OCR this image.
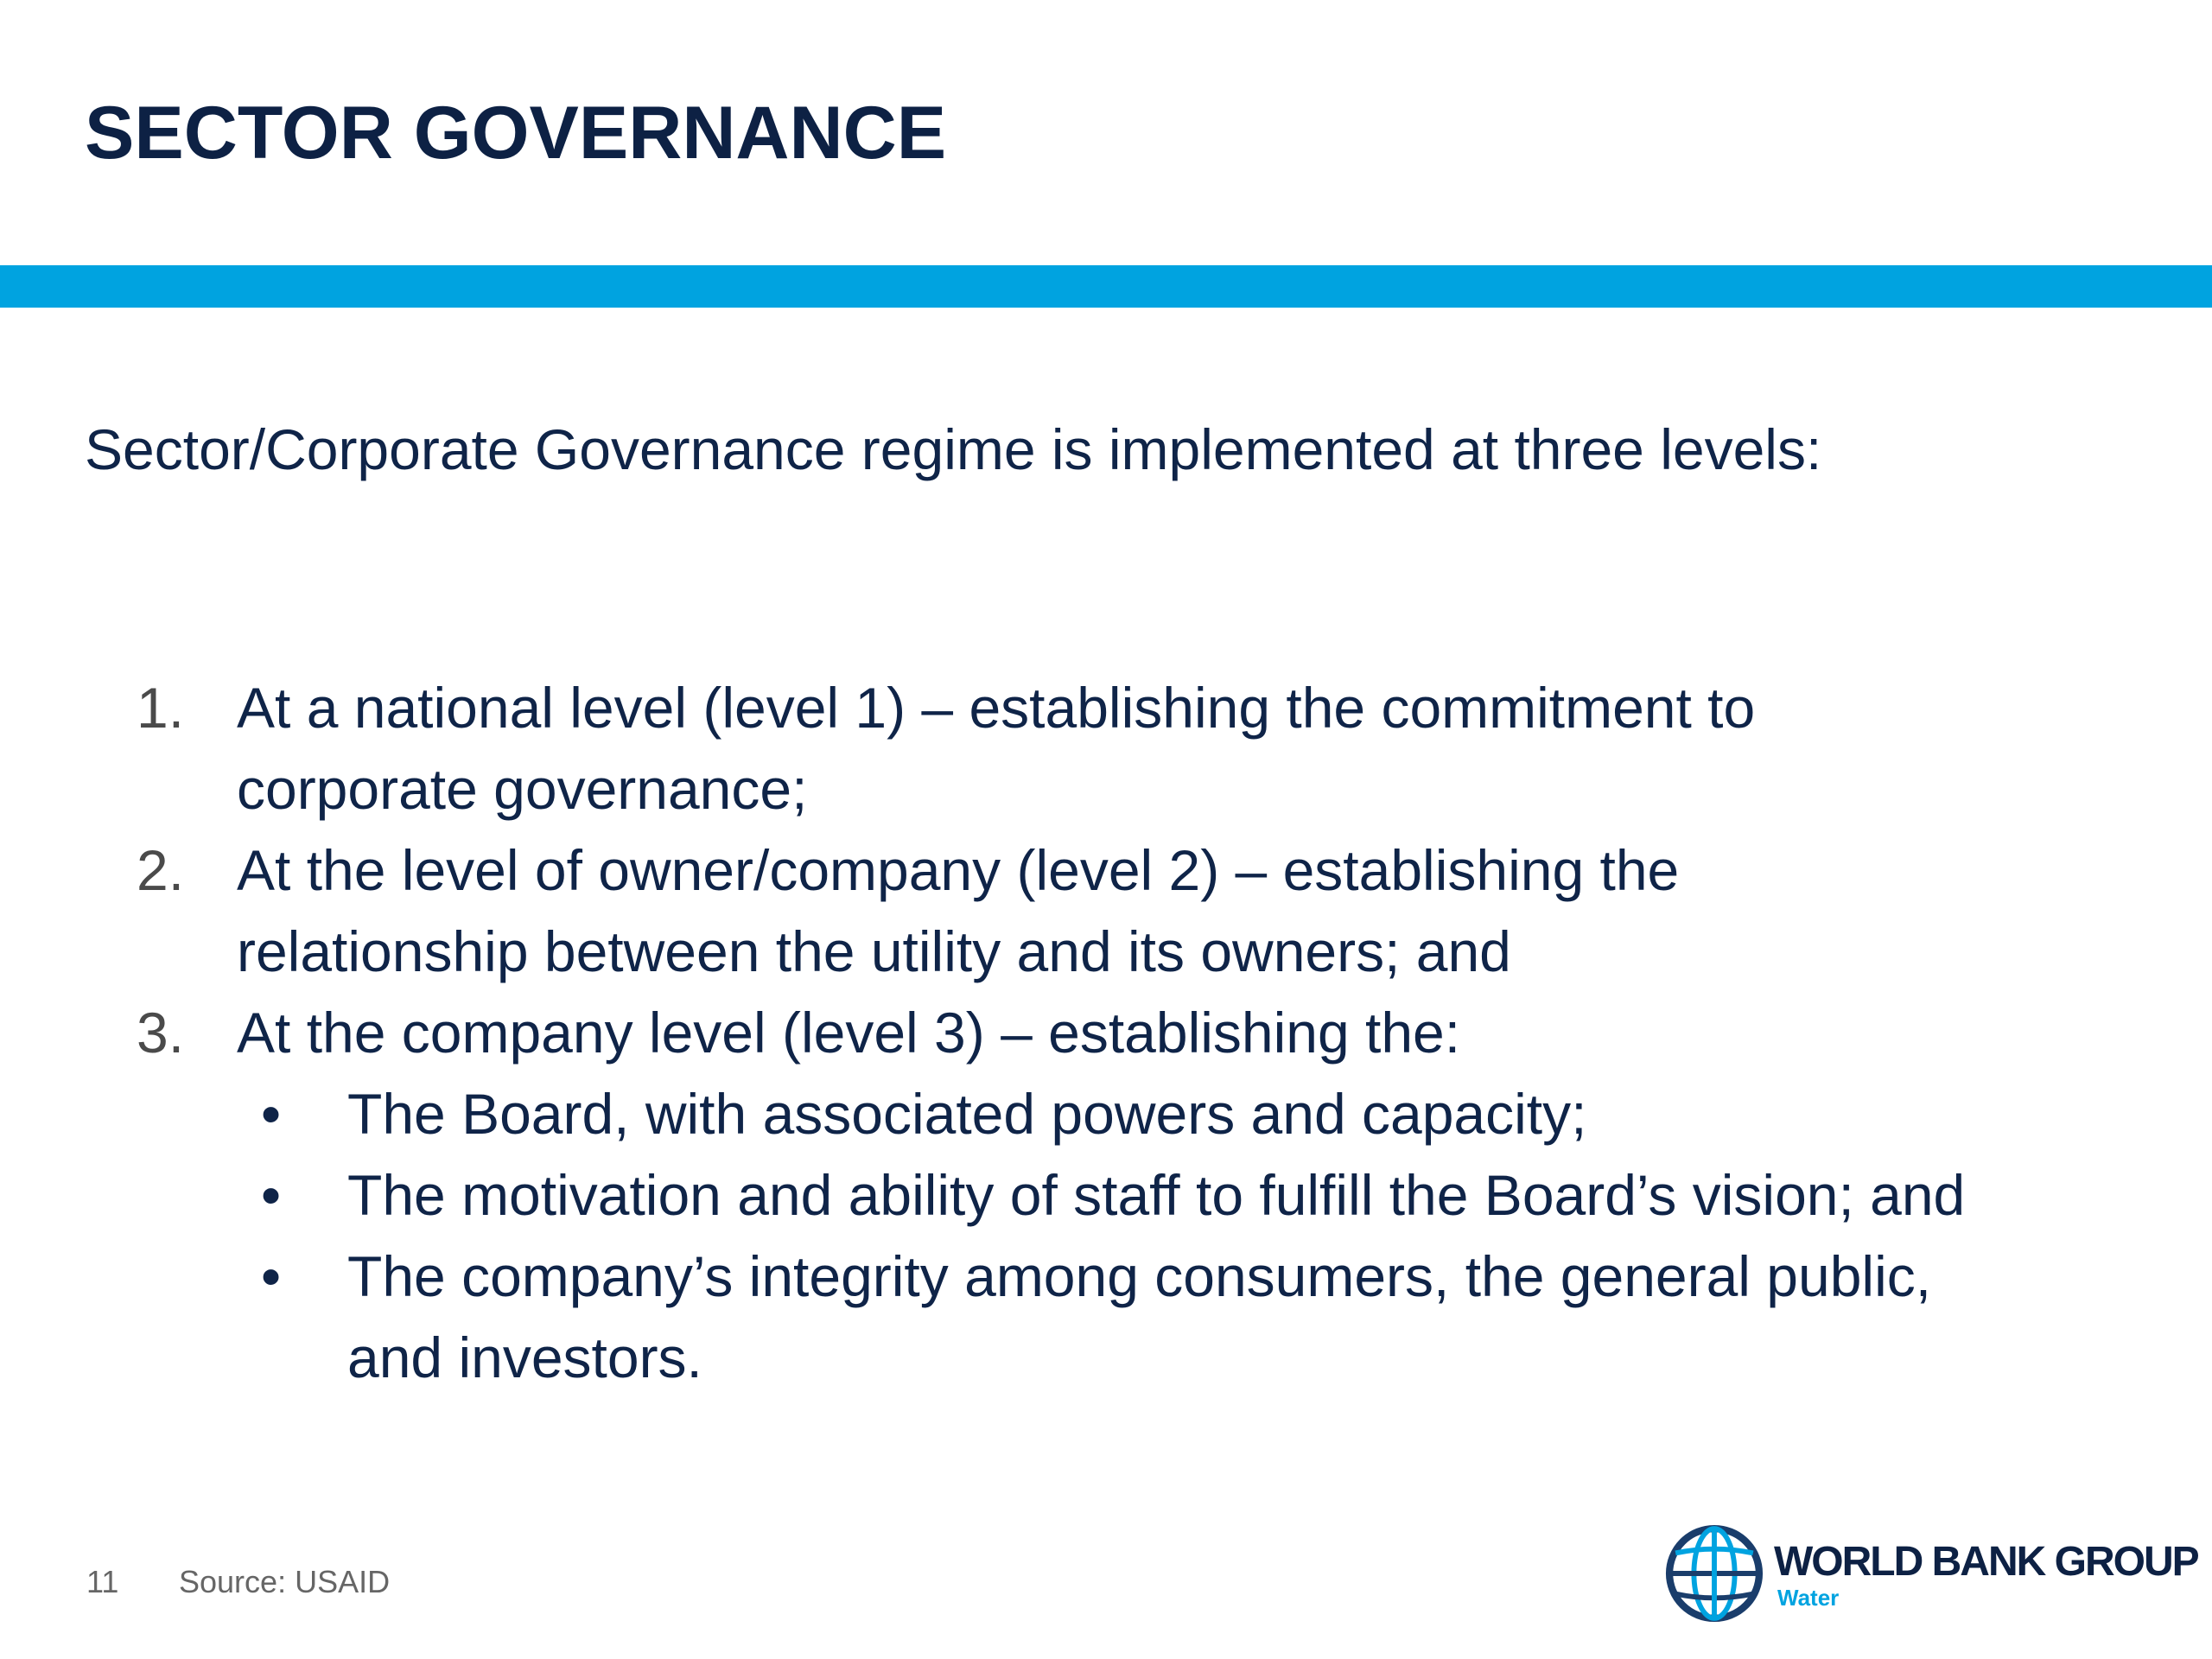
SECTOR GOVERNANCE
Sector/Corporate Governance regime is implemented at three levels:
1. At a national level (level 1) – establishing the commitment to
corporate governance;
2. At the level of owner/company (level 2) – establishing the
relationship between the utility and its owners; and
3. At the company level (level 3) – establishing the:
• The Board, with associated powers and capacity;
• The motivation and ability of staff to fulfill the Board’s vision; and
• The company’s integrity among consumers, the general public,
and investors.
11 Source: USAID	WORLD BANK GROUP
Water
